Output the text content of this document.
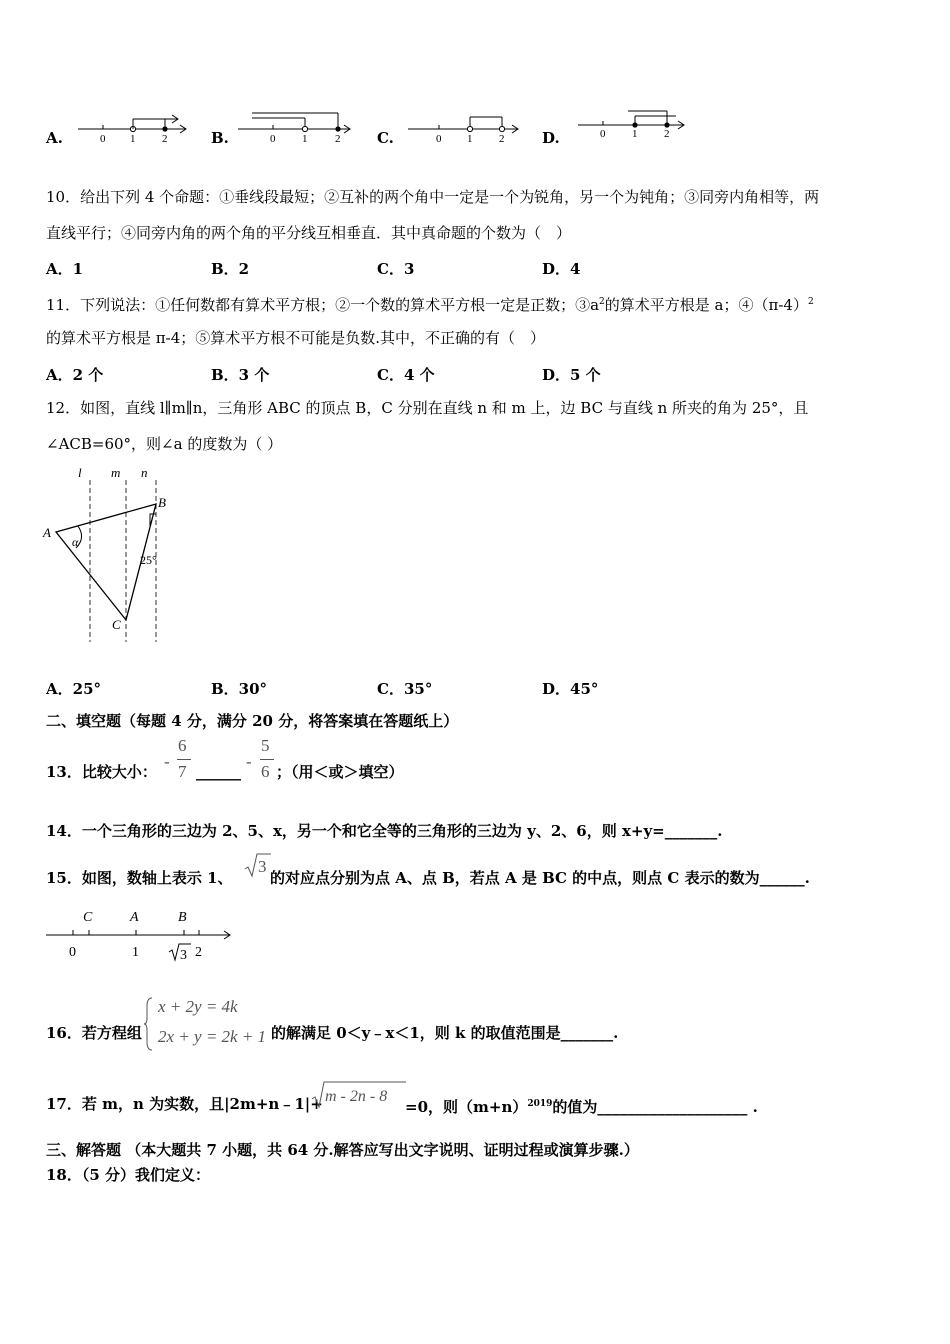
A.	0 1 2	B.	0 1	2 C.	0 1 2	D.	0 1 2
10．给出下列 4 个命题：①垂线段最短；②互补的两个角中一定是一个为锐角，另一个为钝角；③同旁内角相等，两
直线平行；④同旁内角的两个角的平分线互相垂直．其中真命题的个数为（　）
A．1	B．2	C．3	D．4
11．下列说法：①任何数都有算术平方根；②一个数的算术平方根一定是正数；$③a^2$的算术平方根是 a；$④(\pi-4)^2$
的算术平方根是 π-4；⑤算术平方根不可能是负数.其中，不正确的有（　）
A．2 个	B．3 个	C．4 个	D．5 个
12．如图，直线 l∥m∥n，三角形 ABC 的顶点 B，C 分别在直线 n 和 m 上，边 BC 与直线 n 所夹的角为 25°，且
∠ACB=60°，则∠a 的度数为（ ）
l m n
A
B
C
α
25°
A．25°	B．30°	C．35°	D．45°
二、填空题（每题 4 分，满分 20 分，将答案填在答题纸上）
13．比较大小：
-
6
7 ______
-
5
6 ；（用＜或＞填空）
14．一个三角形的三边为 2、5、x，另一个和它全等的三角形的三边为 y、2、6，则 x+y=_______.
15．如图，数轴上表示 1、
3
的对应点分别为点 A、点 B，若点 A 是 BC 的中点，则点 C 表示的数为______.
C	A	B
0	1	3 2
16．若方程组
x + 2y = 4k
2x + y = 2k + 1 的解满足 0＜y﹣x＜1，则 k 的取值范围是_______.
17．若 m，n 为实数，且|2m+n﹣1|+ m - 2n - 8
=0，则$(m+n)^{2019}$的值为____________________ .
三、解答题 （本大题共 7 小题，共 64 分.解答应写出文字说明、证明过程或演算步骤.）
18．（5 分）我们定义：
